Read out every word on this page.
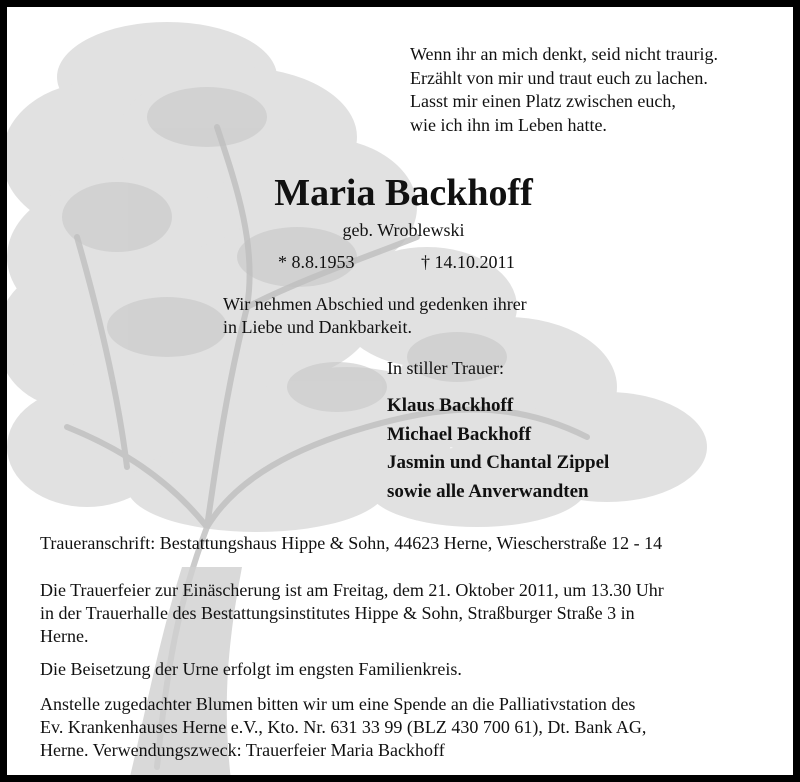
Wenn ihr an mich denkt, seid nicht traurig.
Erzählt von mir und traut euch zu lachen.
Lasst mir einen Platz zwischen euch,
wie ich ihn im Leben hatte.
Maria Backhoff
geb. Wroblewski
* 8.8.1953	† 14.10.2011
Wir nehmen Abschied und gedenken ihrer
in Liebe und Dankbarkeit.
In stiller Trauer:
Klaus Backhoff
Michael Backhoff
Jasmin und Chantal Zippel
sowie alle Anverwandten
Traueranschrift: Bestattungshaus Hippe & Sohn, 44623 Herne, Wiescherstraße 12 - 14
Die Trauerfeier zur Einäscherung ist am Freitag, dem 21. Oktober 2011, um 13.30 Uhr
in der Trauerhalle des Bestattungsinstitutes Hippe & Sohn, Straßburger Straße 3 in
Herne.
Die Beisetzung der Urne erfolgt im engsten Familienkreis.
Anstelle zugedachter Blumen bitten wir um eine Spende an die Palliativstation des
Ev. Krankenhauses Herne e.V., Kto. Nr. 631 33 99 (BLZ 430 700 61), Dt. Bank AG,
Herne. Verwendungszweck: Trauerfeier Maria Backhoff
